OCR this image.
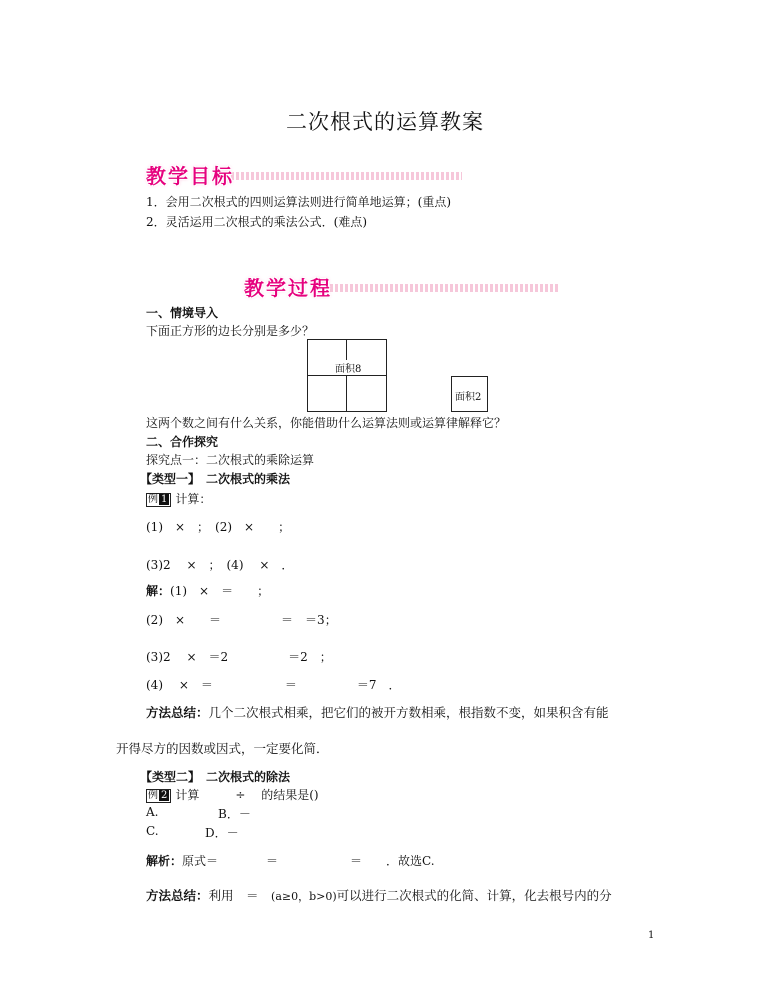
二次根式的运算教案
教学目标
1．会用二次根式的四则运算法则进行简单地运算；(重点)
2．灵活运用二次根式的乘法公式．(难点)
教学过程
一、情境导入
下面正方形的边长分别是多少？
面积8
面积2
这两个数之间有什么关系，你能借助什么运算法则或运算律解释它？
二、合作探究
探究点一：二次根式的乘除运算
【类型一】　二次根式的乘法
例 1 计算：
(1)　×　；　(2)　×　　；
(3)2　 ×　；　(4)　 ×　．
解：(1)　×　＝　　；
(2)　×　　＝　　　　　＝　＝3；
(3)2　 ×　＝2　　　　　＝2　；
(4)　 ×　＝　　　　　　＝　　　　　＝7　．
方法总结：几个二次根式相乘，把它们的被开方数相乘，根指数不变，如果积含有能
开得尽方的因数或因式，一定要化简．
【类型二】　二次根式的除法
例 2 计算　　　÷　 的结果是()
A.	B．－
C.	D．－
解析：原式＝　　　　＝　　　　　　＝　　．故选C.
方法总结：利用　＝　(a≥0，b>0)可以进行二次根式的化简、计算，化去根号内的分
1
